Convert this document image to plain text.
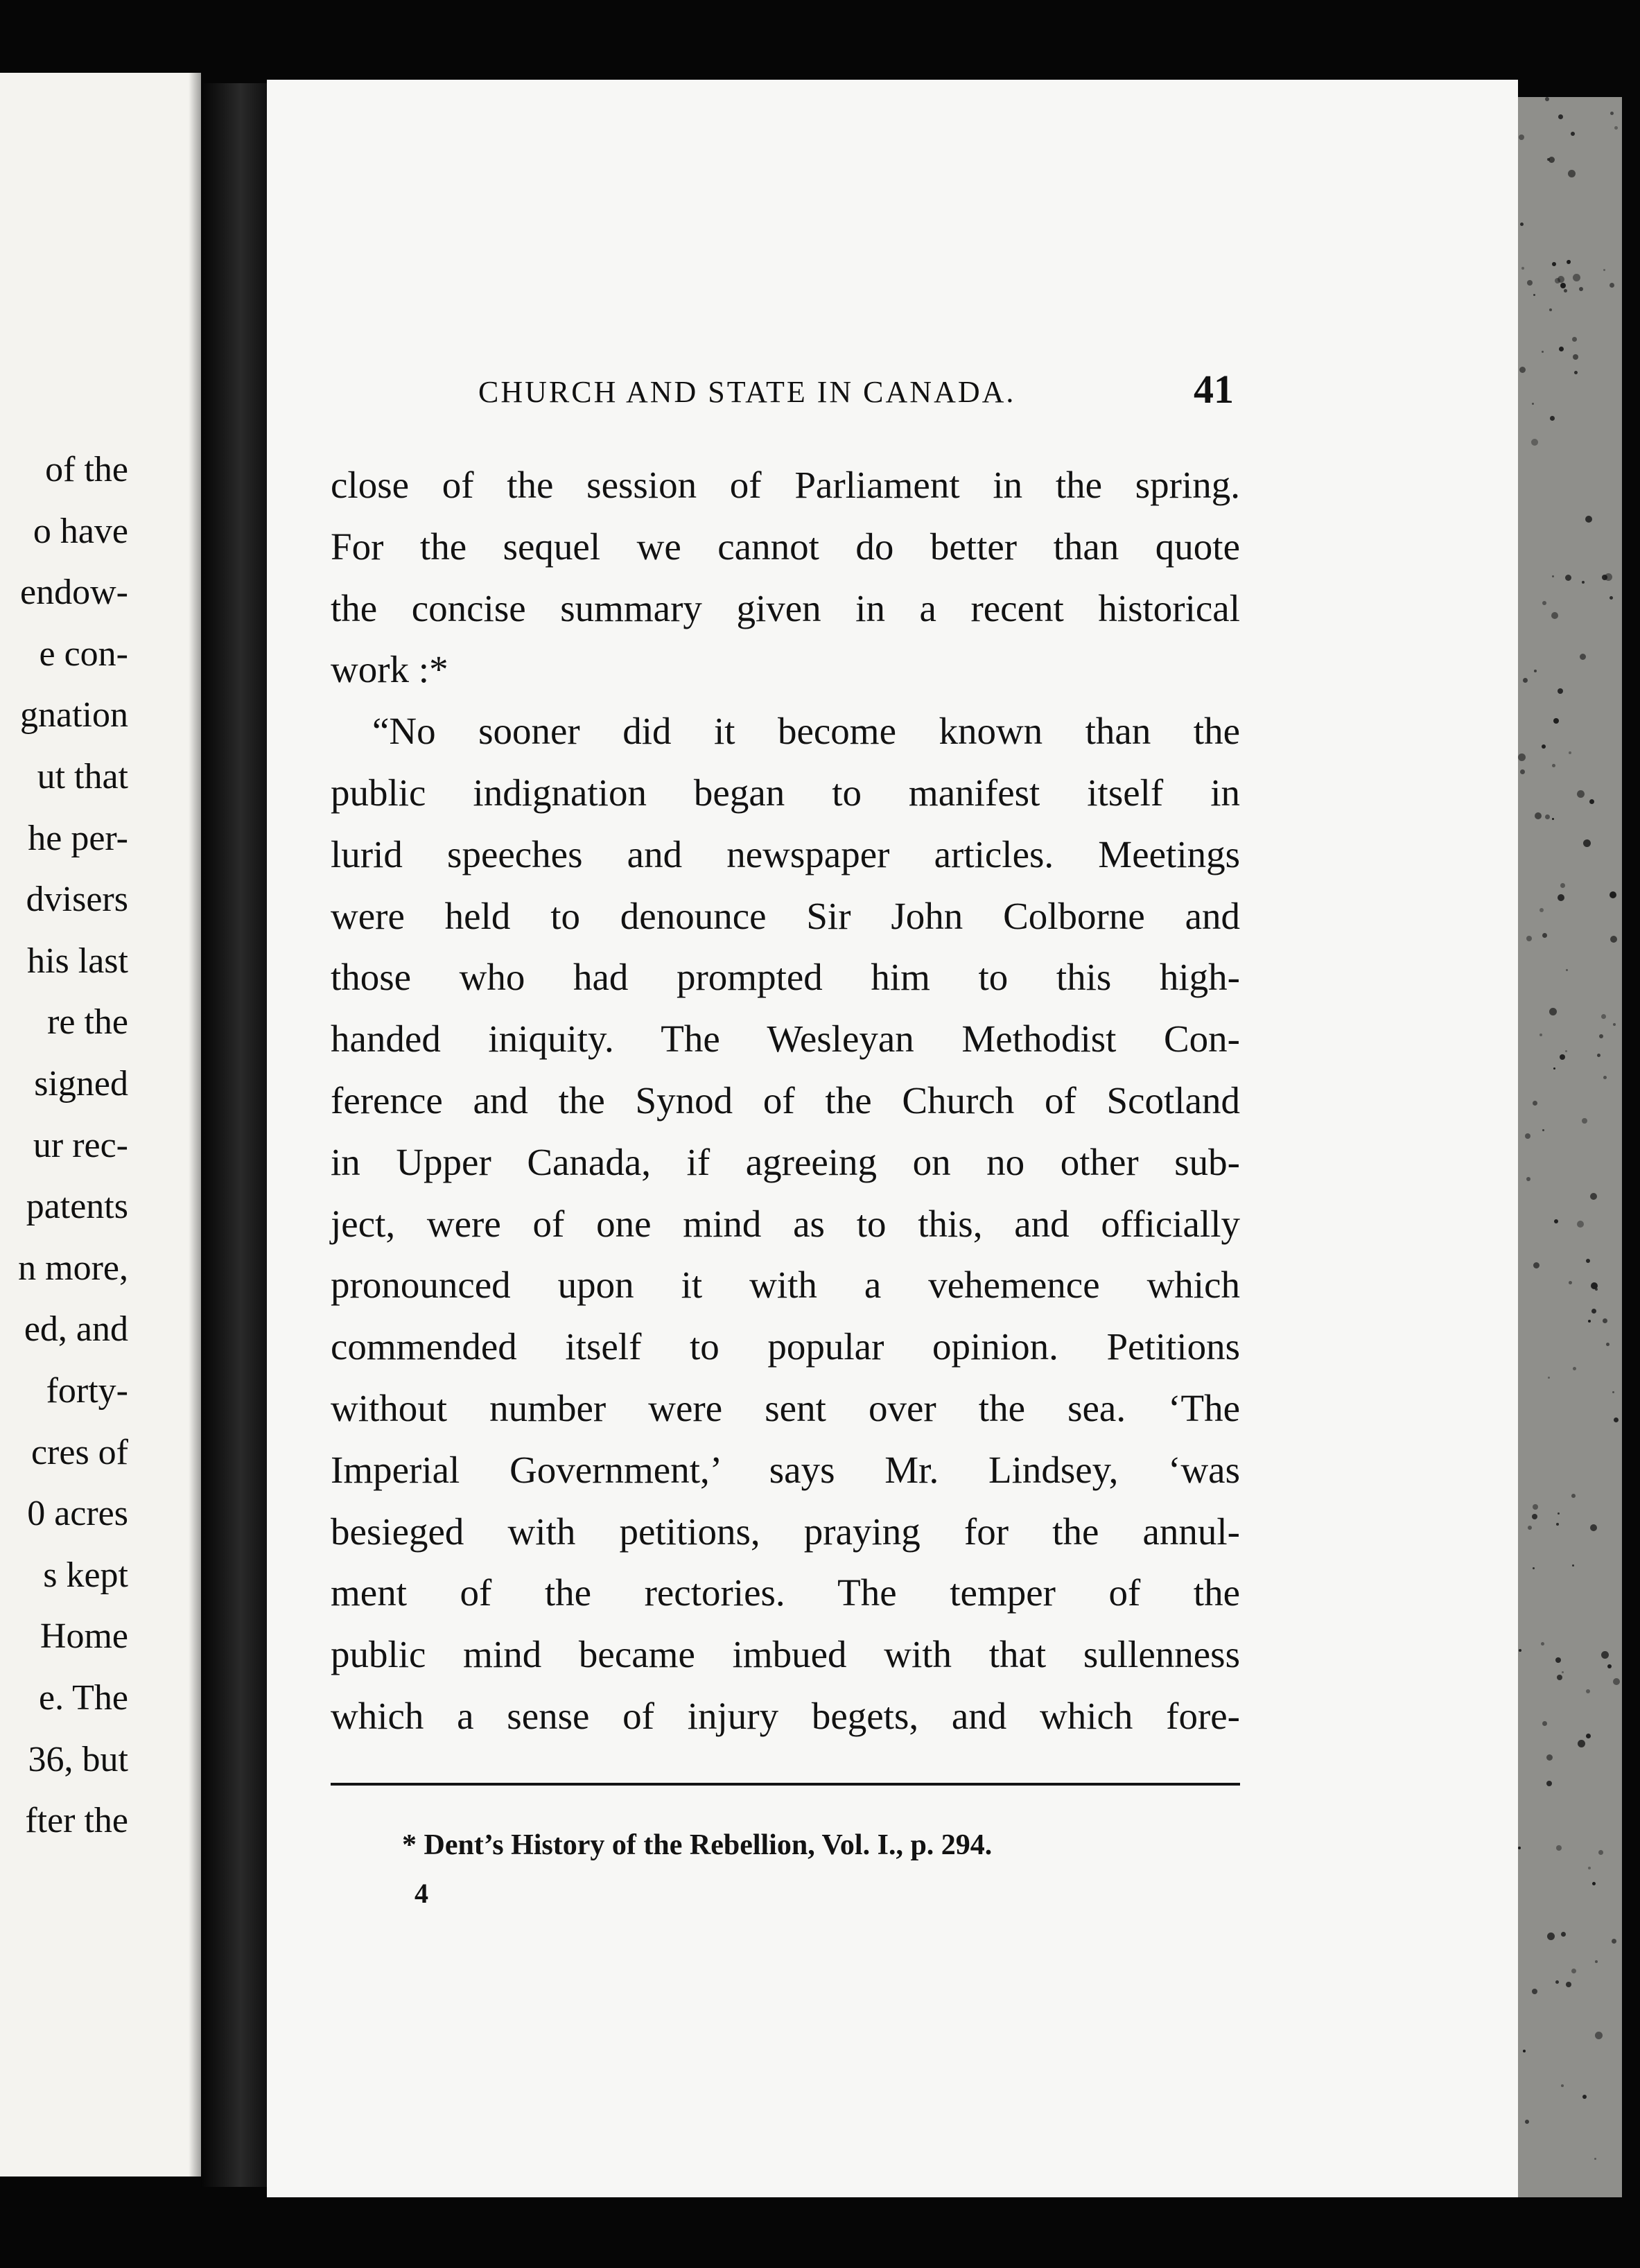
of the
o have
endow-
e con-
gnation
ut that
he per-
dvisers
his last
re the
signed
ur rec-
patents
n more,
ed, and
forty-
cres of
0 acres
s kept
Home
e. The
36, but
fter the
CHURCH AND STATE IN CANADA.	41
close of the session of Parliament in the spring.
For the sequel we cannot do better than quote
the concise summary given in a recent historical
work :*
“No sooner did it become known than the
public indignation began to manifest itself in
lurid speeches and newspaper articles. Meetings
were held to denounce Sir John Colborne and
those who had prompted him to this high-
handed iniquity. The Wesleyan Methodist Con-
ference and the Synod of the Church of Scotland
in Upper Canada, if agreeing on no other sub-
ject, were of one mind as to this, and officially
pronounced upon it with a vehemence which
commended itself to popular opinion. Petitions
without number were sent over the sea. ‘The
Imperial Government,’ says Mr. Lindsey, ‘was
besieged with petitions, praying for the annul-
ment of the rectories. The temper of the
public mind became imbued with that sullenness
which a sense of injury begets, and which fore-
* Dent’s History of the Rebellion, Vol. I., p. 294.
4
